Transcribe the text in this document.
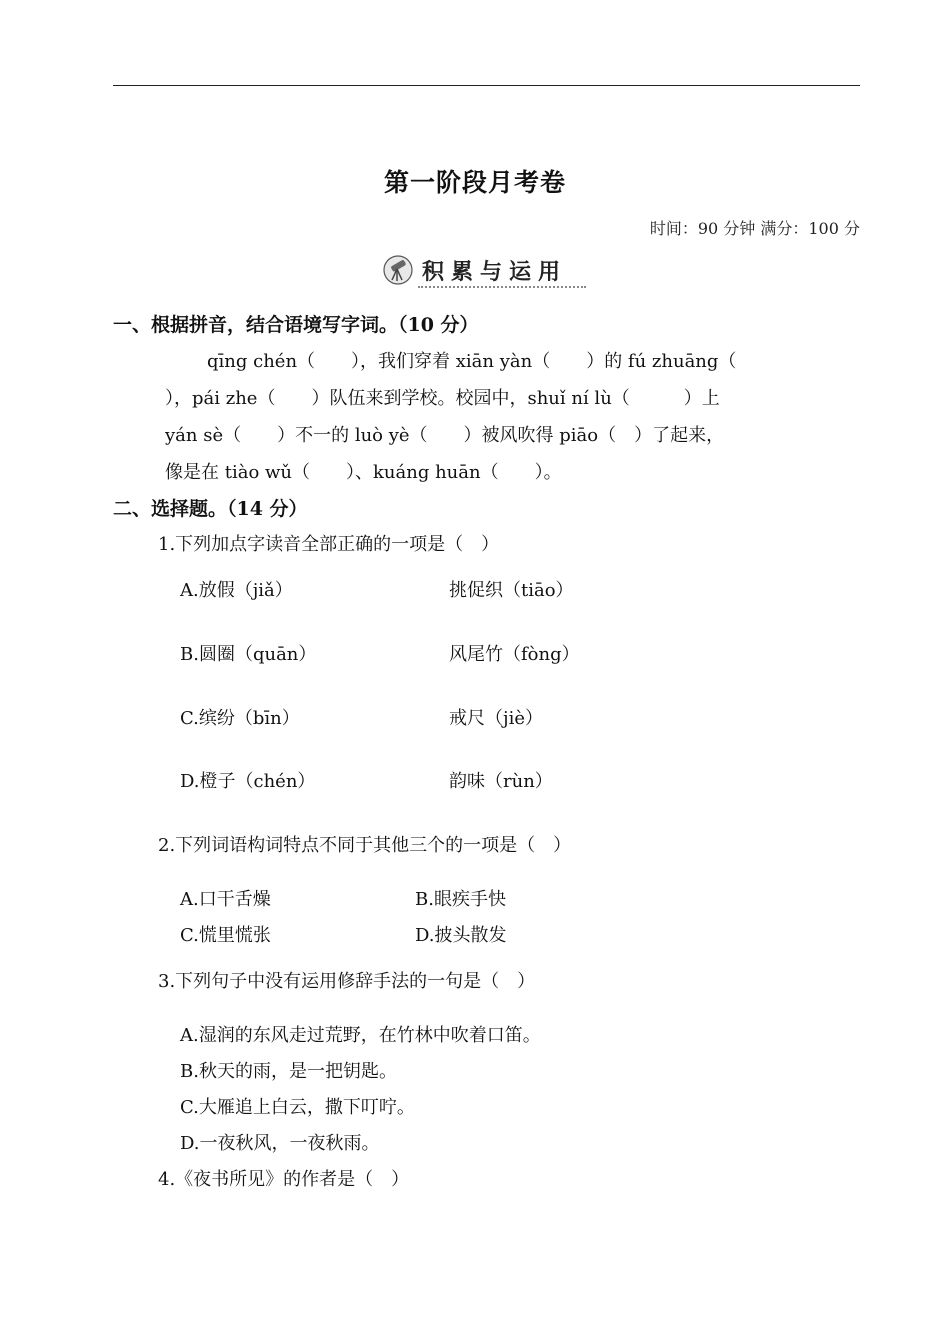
第一阶段月考卷
时间：90 分钟 满分：100 分
积累与运用
一、根据拼音，结合语境写字词。（10 分）
qīng chén（　　），我们穿着 xiān yàn（　　）的 fú zhuāng（
），pái zhe（　　）队伍来到学校。校园中，shuǐ ní lù（　　　）上
yán sè（　　）不一的 luò yè（　　）被风吹得 piāo（　）了起来，
像是在 tiào wǔ（　　）、kuáng huān（　　）。
二、选择题。（14 分）
1.下列加点字读音全部正确的一项是（　）
A.放假（jiǎ）	挑促织（tiāo）
B.圆圈（quān）	风尾竹（fòng）
C.缤纷（bīn）	戒尺（jiè）
D.橙子（chén）	韵味（rùn）
2.下列词语构词特点不同于其他三个的一项是（　）
A.口干舌燥	B.眼疾手快
C.慌里慌张	D.披头散发
3.下列句子中没有运用修辞手法的一句是（　）
A.湿润的东风走过荒野，在竹林中吹着口笛。
B.秋天的雨，是一把钥匙。
C.大雁追上白云，撒下叮咛。
D.一夜秋风，一夜秋雨。
4.《夜书所见》的作者是（　）
